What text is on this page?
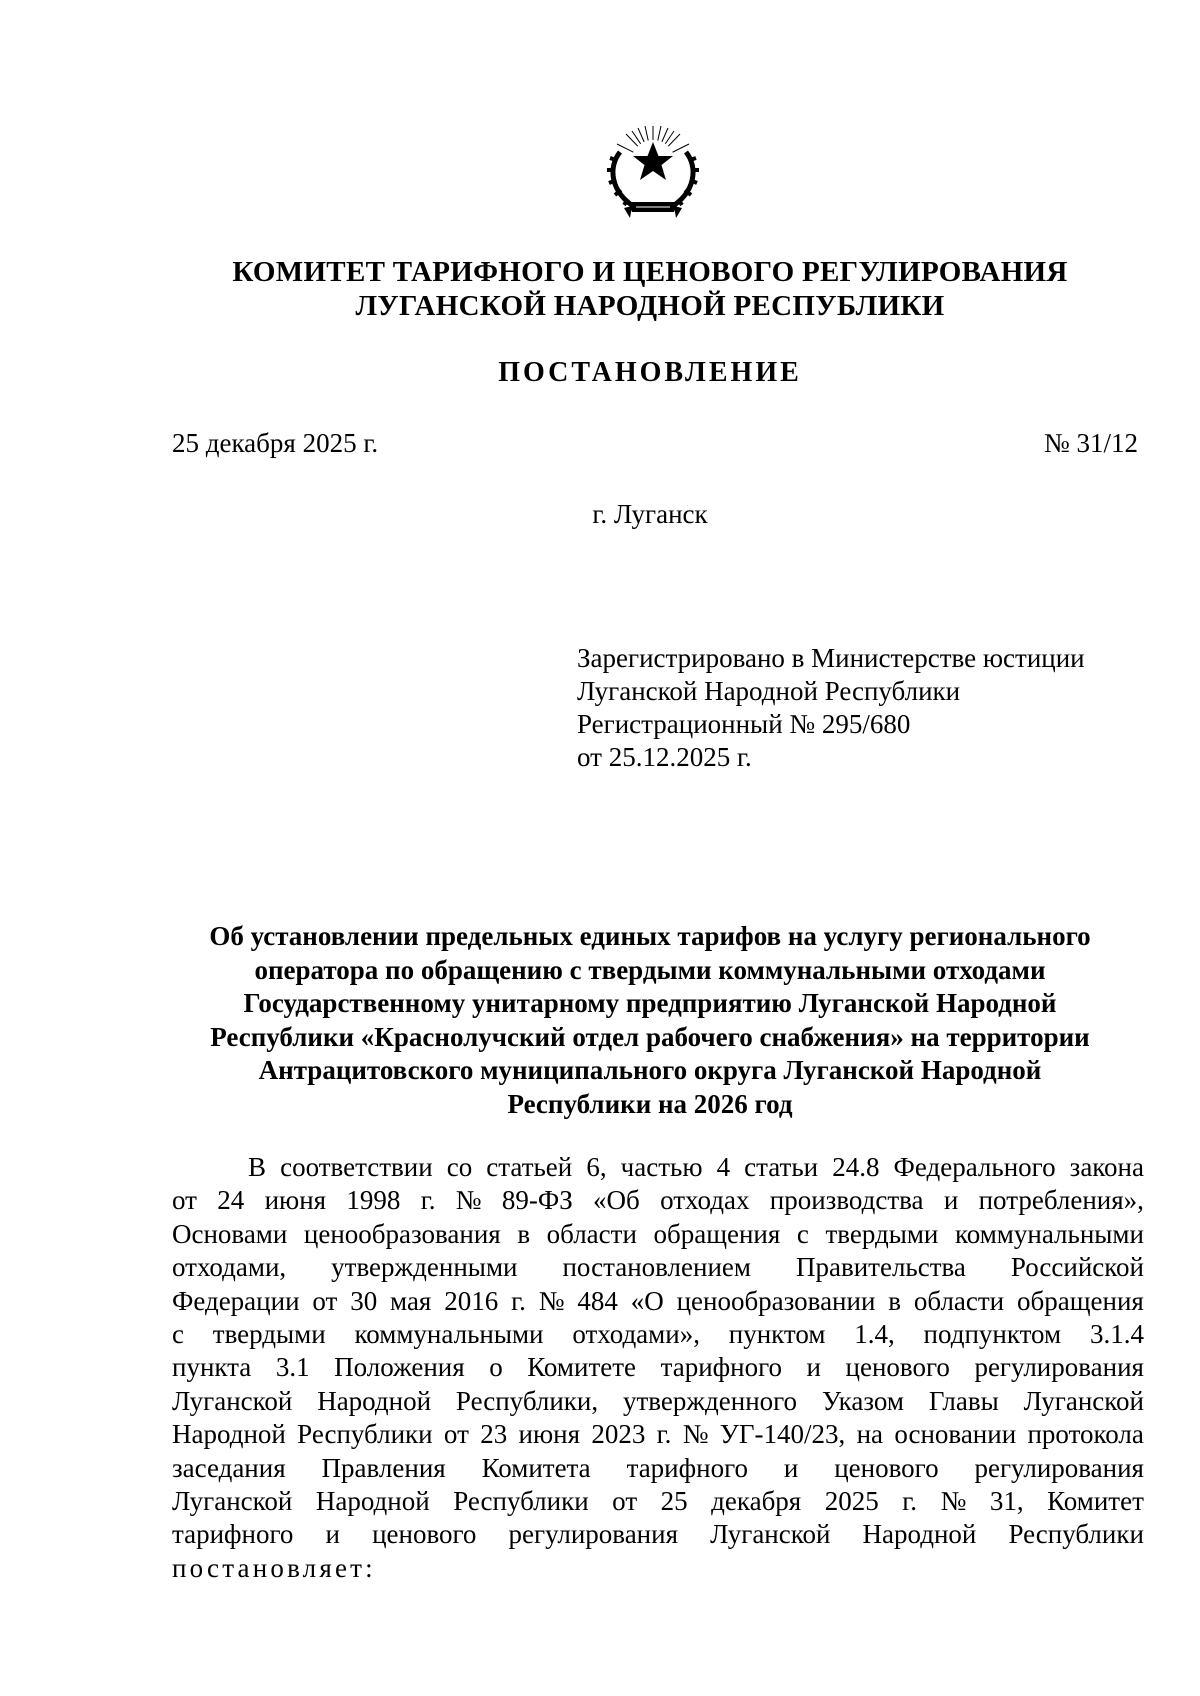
КОМИТЕТ ТАРИФНОГО И ЦЕНОВОГО РЕГУЛИРОВАНИЯ
ЛУГАНСКОЙ НАРОДНОЙ РЕСПУБЛИКИ
ПОСТАНОВЛЕНИЕ
25 декабря 2025 г.	№ 31/12
г. Луганск
Зарегистрировано в Министерстве юстиции
Луганской Народной Республики
Регистрационный № 295/680
от 25.12.2025 г.
Об установлении предельных единых тарифов на услугу регионального
оператора по обращению с твердыми коммунальными отходами
Государственному унитарному предприятию Луганской Народной
Республики «Краснолучский отдел рабочего снабжения» на территории
Антрацитовского муниципального округа Луганской Народной
Республики на 2026 год
В соответствии со статьей 6, частью 4 статьи 24.8 Федерального закона
от 24 июня 1998 г. № 89-ФЗ «Об отходах производства и потребления»,
Основами ценообразования в области обращения с твердыми коммунальными
отходами, утвержденными постановлением Правительства Российской
Федерации от 30 мая 2016 г. № 484 «О ценообразовании в области обращения
с твердыми коммунальными отходами», пунктом 1.4, подпунктом 3.1.4
пункта 3.1 Положения о Комитете тарифного и ценового регулирования
Луганской Народной Республики, утвержденного Указом Главы Луганской
Народной Республики от 23 июня 2023 г. № УГ-140/23, на основании протокола
заседания Правления Комитета тарифного и ценового регулирования
Луганской Народной Республики от 25 декабря 2025 г. № 31, Комитет
тарифного и ценового регулирования Луганской Народной Республики
постановляет:
